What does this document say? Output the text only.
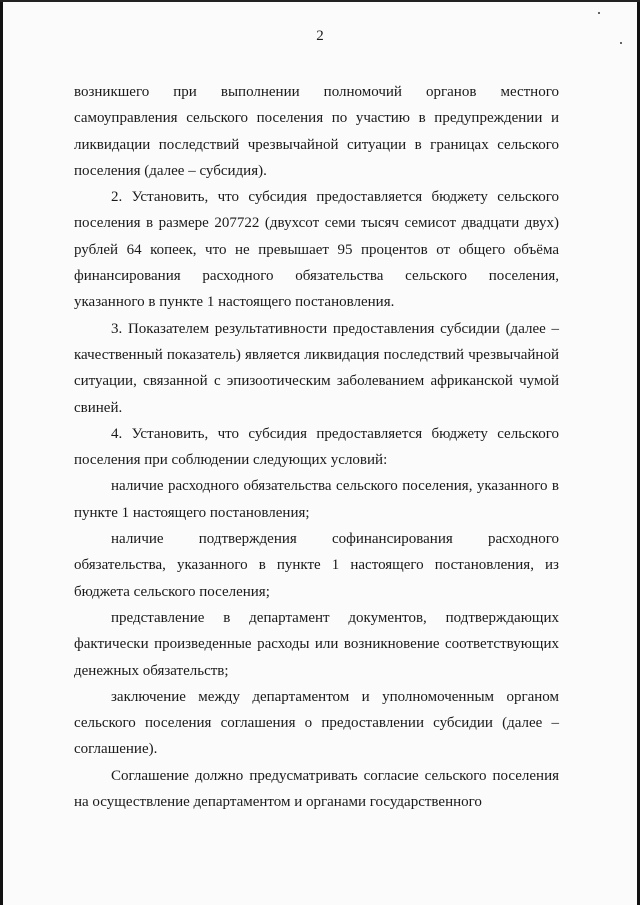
2

возникшего при выполнении полномочий органов местного самоуправления сельского поселения по участию в предупреждении и ликвидации последствий чрезвычайной ситуации в границах сельского поселения (далее – субсидия).

2. Установить, что субсидия предоставляется бюджету сельского поселения в размере 207722 (двухсот семи тысяч семисот двадцати двух) рублей 64 копеек, что не превышает 95 процентов от общего объёма финансирования расходного обязательства сельского поселения, указанного в пункте 1 настоящего постановления.

3. Показателем результативности предоставления субсидии (далее – качественный показатель) является ликвидация последствий чрезвычайной ситуации, связанной с эпизоотическим заболеванием африканской чумой свиней.

4. Установить, что субсидия предоставляется бюджету сельского поселения при соблюдении следующих условий:

наличие расходного обязательства сельского поселения, указанного в пункте 1 настоящего постановления;

наличие подтверждения софинансирования расходного обязательства, указанного в пункте 1 настоящего постановления, из бюджета сельского поселения;

представление в департамент документов, подтверждающих фактически произведенные расходы или возникновение соответствующих денежных обязательств;

заключение между департаментом и уполномоченным органом сельского поселения соглашения о предоставлении субсидии (далее – соглашение).

Соглашение должно предусматривать согласие сельского поселения на осуществление департаментом и органами государственного
